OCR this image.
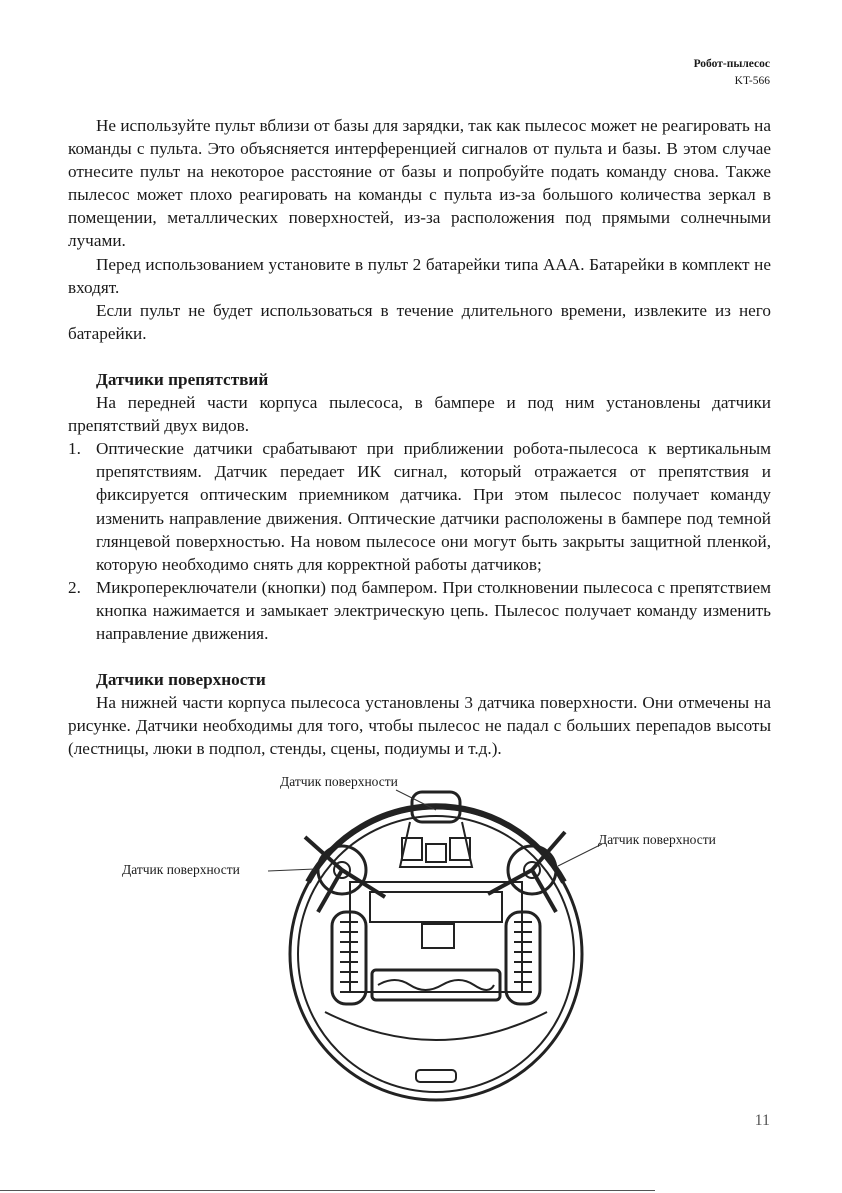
Робот-пылесос
KT-566

Не используйте пульт вблизи от базы для зарядки, так как пылесос может не реагировать на команды с пульта. Это объясняется интерференцией сигналов от пульта и базы. В этом случае отнесите пульт на некоторое расстояние от базы и попробуйте подать команду снова. Также пылесос может плохо реагировать на команды с пульта из-за большого количества зеркал в помещении, металлических поверхностей, из-за расположения под прямыми солнечными лучами.

Перед использованием установите в пульт 2 батарейки типа AAA. Батарейки в комплект не входят.

Если пульт не будет использоваться в течение длительного времени, извлеките из него батарейки.

Датчики препятствий

На передней части корпуса пылесоса, в бампере и под ним установлены датчики препятствий двух видов.

1. Оптические датчики срабатывают при приближении робота-пылесоса к вертикальным препятствиям. Датчик передает ИК сигнал, который отражается от препятствия и фиксируется оптическим приемником датчика. При этом пылесос получает команду изменить направление движения. Оптические датчики расположены в бампере под темной глянцевой поверхностью. На новом пылесосе они могут быть закрыты защитной пленкой, которую необходимо снять для корректной работы датчиков;
2. Микропереключатели (кнопки) под бампером. При столкновении пылесоса с препятствием кнопка нажимается и замыкает электрическую цепь. Пылесос получает команду изменить направление движения.
Датчики поверхности

На нижней части корпуса пылесоса установлены 3 датчика поверхности. Они отмечены на рисунке. Датчики необходимы для того, чтобы пылесос не падал с больших перепадов высоты (лестницы, люки в подпол, стенды, сцены, подиумы и т.д.).

Датчик поверхности
Датчик поверхности
Датчик поверхности
11
